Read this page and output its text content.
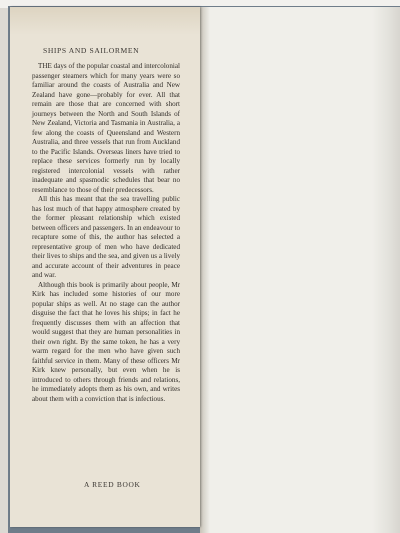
SHIPS AND SAILORMEN

THE days of the popular coastal and intercolonial passenger steamers which for many years were so familiar around the coasts of Australia and New Zealand have gone—probably for ever. All that remain are those that are concerned with short journeys between the North and South Islands of New Zealand, Victoria and Tasmania in Australia, a few along the coasts of Queensland and Western Australia, and three vessels that run from Auckland to the Pacific Islands. Overseas liners have tried to replace these services formerly run by locally registered intercolonial vessels with rather inadequate and spasmodic schedules that bear no resemblance to those of their predecessors.

All this has meant that the sea travelling public has lost much of that happy atmosphere created by the former pleasant relationship which existed between officers and passengers. In an endeavour to recapture some of this, the author has selected a representative group of men who have dedicated their lives to ships and the sea, and given us a lively and accurate account of their adventures in peace and war.

Although this book is primarily about people, Mr Kirk has included some histories of our more popular ships as well. At no stage can the author disguise the fact that he loves his ships; in fact he frequently discusses them with an affection that would suggest that they are human personalities in their own right. By the same token, he has a very warm regard for the men who have given such faithful service in them. Many of these officers Mr Kirk knew personally, but even when he is introduced to others through friends and relations, he immediately adopts them as his own, and writes about them with a conviction that is infectious.

A REED BOOK
